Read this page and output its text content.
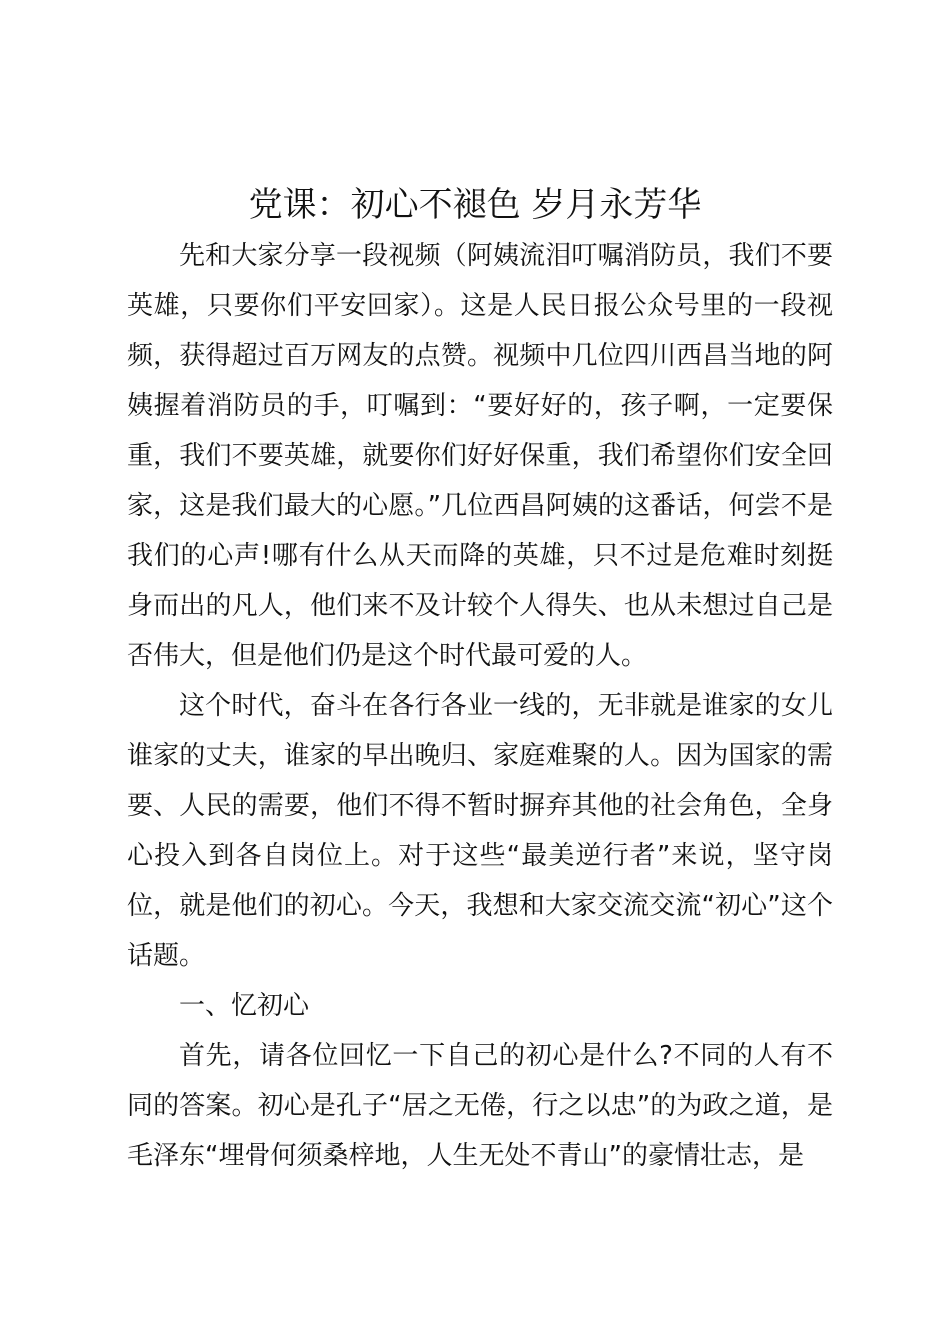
党课：初心不褪色 岁月永芳华

先和大家分享一段视频（阿姨流泪叮嘱消防员，我们不要英雄，只要你们平安回家）。这是人民日报公众号里的一段视频，获得超过百万网友的点赞。视频中几位四川西昌当地的阿姨握着消防员的手，叮嘱到：“要好好的，孩子啊，一定要保重，我们不要英雄，就要你们好好保重，我们希望你们安全回家，这是我们最大的心愿。”几位西昌阿姨的这番话，何尝不是我们的心声!哪有什么从天而降的英雄，只不过是危难时刻挺身而出的凡人，他们来不及计较个人得失、也从未想过自己是否伟大，但是他们仍是这个时代最可爱的人。

这个时代，奋斗在各行各业一线的，无非就是谁家的女儿谁家的丈夫，谁家的早出晚归、家庭难聚的人。因为国家的需要、人民的需要，他们不得不暂时摒弃其他的社会角色，全身心投入到各自岗位上。对于这些“最美逆行者”来说，坚守岗位，就是他们的初心。今天，我想和大家交流交流“初心”这个话题。

一、忆初心

首先，请各位回忆一下自己的初心是什么?不同的人有不同的答案。初心是孔子“居之无倦，行之以忠”的为政之道，是毛泽东“埋骨何须桑梓地，人生无处不青山”的豪情壮志，是
